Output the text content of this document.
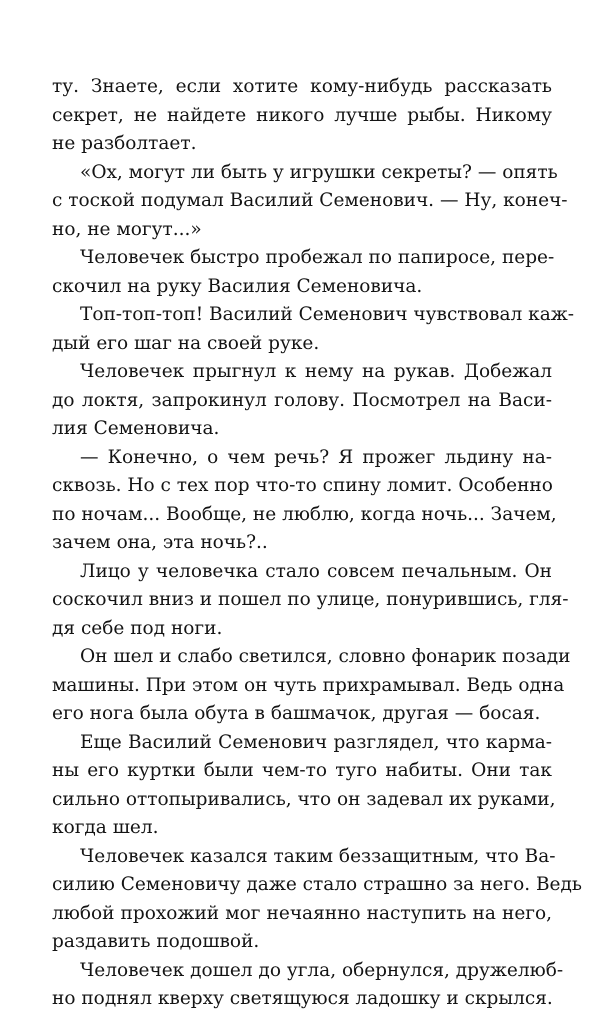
ту. Знаете, если хотите кому-нибудь рассказать
секрет, не найдете никого лучше рыбы. Никому
не разболтает.
«Ох, могут ли быть у игрушки секреты? — опять
с тоской подумал Василий Семенович. — Ну, конеч-
но, не могут...»
Человечек быстро пробежал по папиросе, пере-
скочил на руку Василия Семеновича.
Топ-топ-топ! Василий Семенович чувствовал каж-
дый его шаг на своей руке.
Человечек прыгнул к нему на рукав. Добежал
до локтя, запрокинул голову. Посмотрел на Васи-
лия Семеновича.
— Конечно, о чем речь? Я прожег льдину на-
сквозь. Но с тех пор что-то спину ломит. Особенно
по ночам... Вообще, не люблю, когда ночь... Зачем,
зачем она, эта ночь?..
Лицо у человечка стало совсем печальным. Он
соскочил вниз и пошел по улице, понурившись, гля-
дя себе под ноги.
Он шел и слабо светился, словно фонарик позади
машины. При этом он чуть прихрамывал. Ведь одна
его нога была обута в башмачок, другая — босая.
Еще Василий Семенович разглядел, что карма-
ны его куртки были чем-то туго набиты. Они так
сильно оттопыривались, что он задевал их руками,
когда шел.
Человечек казался таким беззащитным, что Ва-
силию Семеновичу даже стало страшно за него. Ведь
любой прохожий мог нечаянно наступить на него,
раздавить подошвой.
Человечек дошел до угла, обернулся, дружелюб-
но поднял кверху светящуюся ладошку и скрылся.
